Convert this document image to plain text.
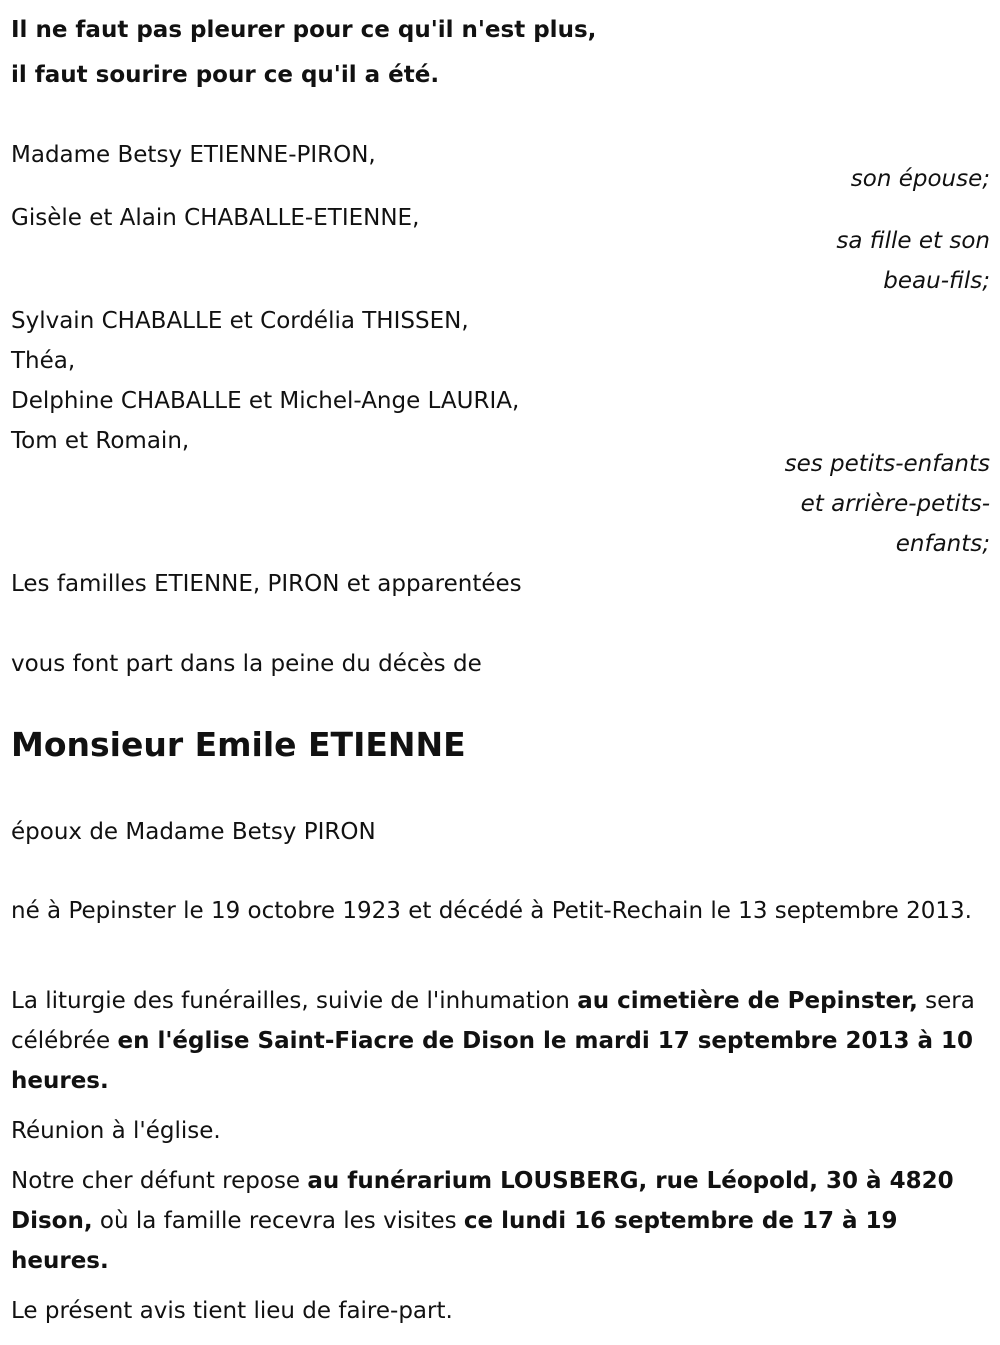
Il ne faut pas pleurer pour ce qu'il n'est plus,
il faut sourire pour ce qu'il a été.
Madame Betsy ETIENNE-PIRON,
son épouse;
Gisèle et Alain CHABALLE-ETIENNE,
sa fille et son
beau-fils;
Sylvain CHABALLE et Cordélia THISSEN,
Théa,
Delphine CHABALLE et Michel-Ange LAURIA,
Tom et Romain,
ses petits-enfants
et arrière-petits-
enfants;
Les familles ETIENNE, PIRON et apparentées
vous font part dans la peine du décès de
Monsieur Emile ETIENNE
époux de Madame Betsy PIRON
né à Pepinster le 19 octobre 1923 et décédé à Petit-Rechain le 13 septembre 2013.
La liturgie des funérailles, suivie de l'inhumation au cimetière de Pepinster, sera célébrée en l'église Saint-Fiacre de Dison le mardi 17 septembre 2013 à 10 heures.
Réunion à l'église.
Notre cher défunt repose au funérarium LOUSBERG, rue Léopold, 30 à 4820 Dison, où la famille recevra les visites ce lundi 16 septembre de 17 à 19 heures.
Le présent avis tient lieu de faire-part.
